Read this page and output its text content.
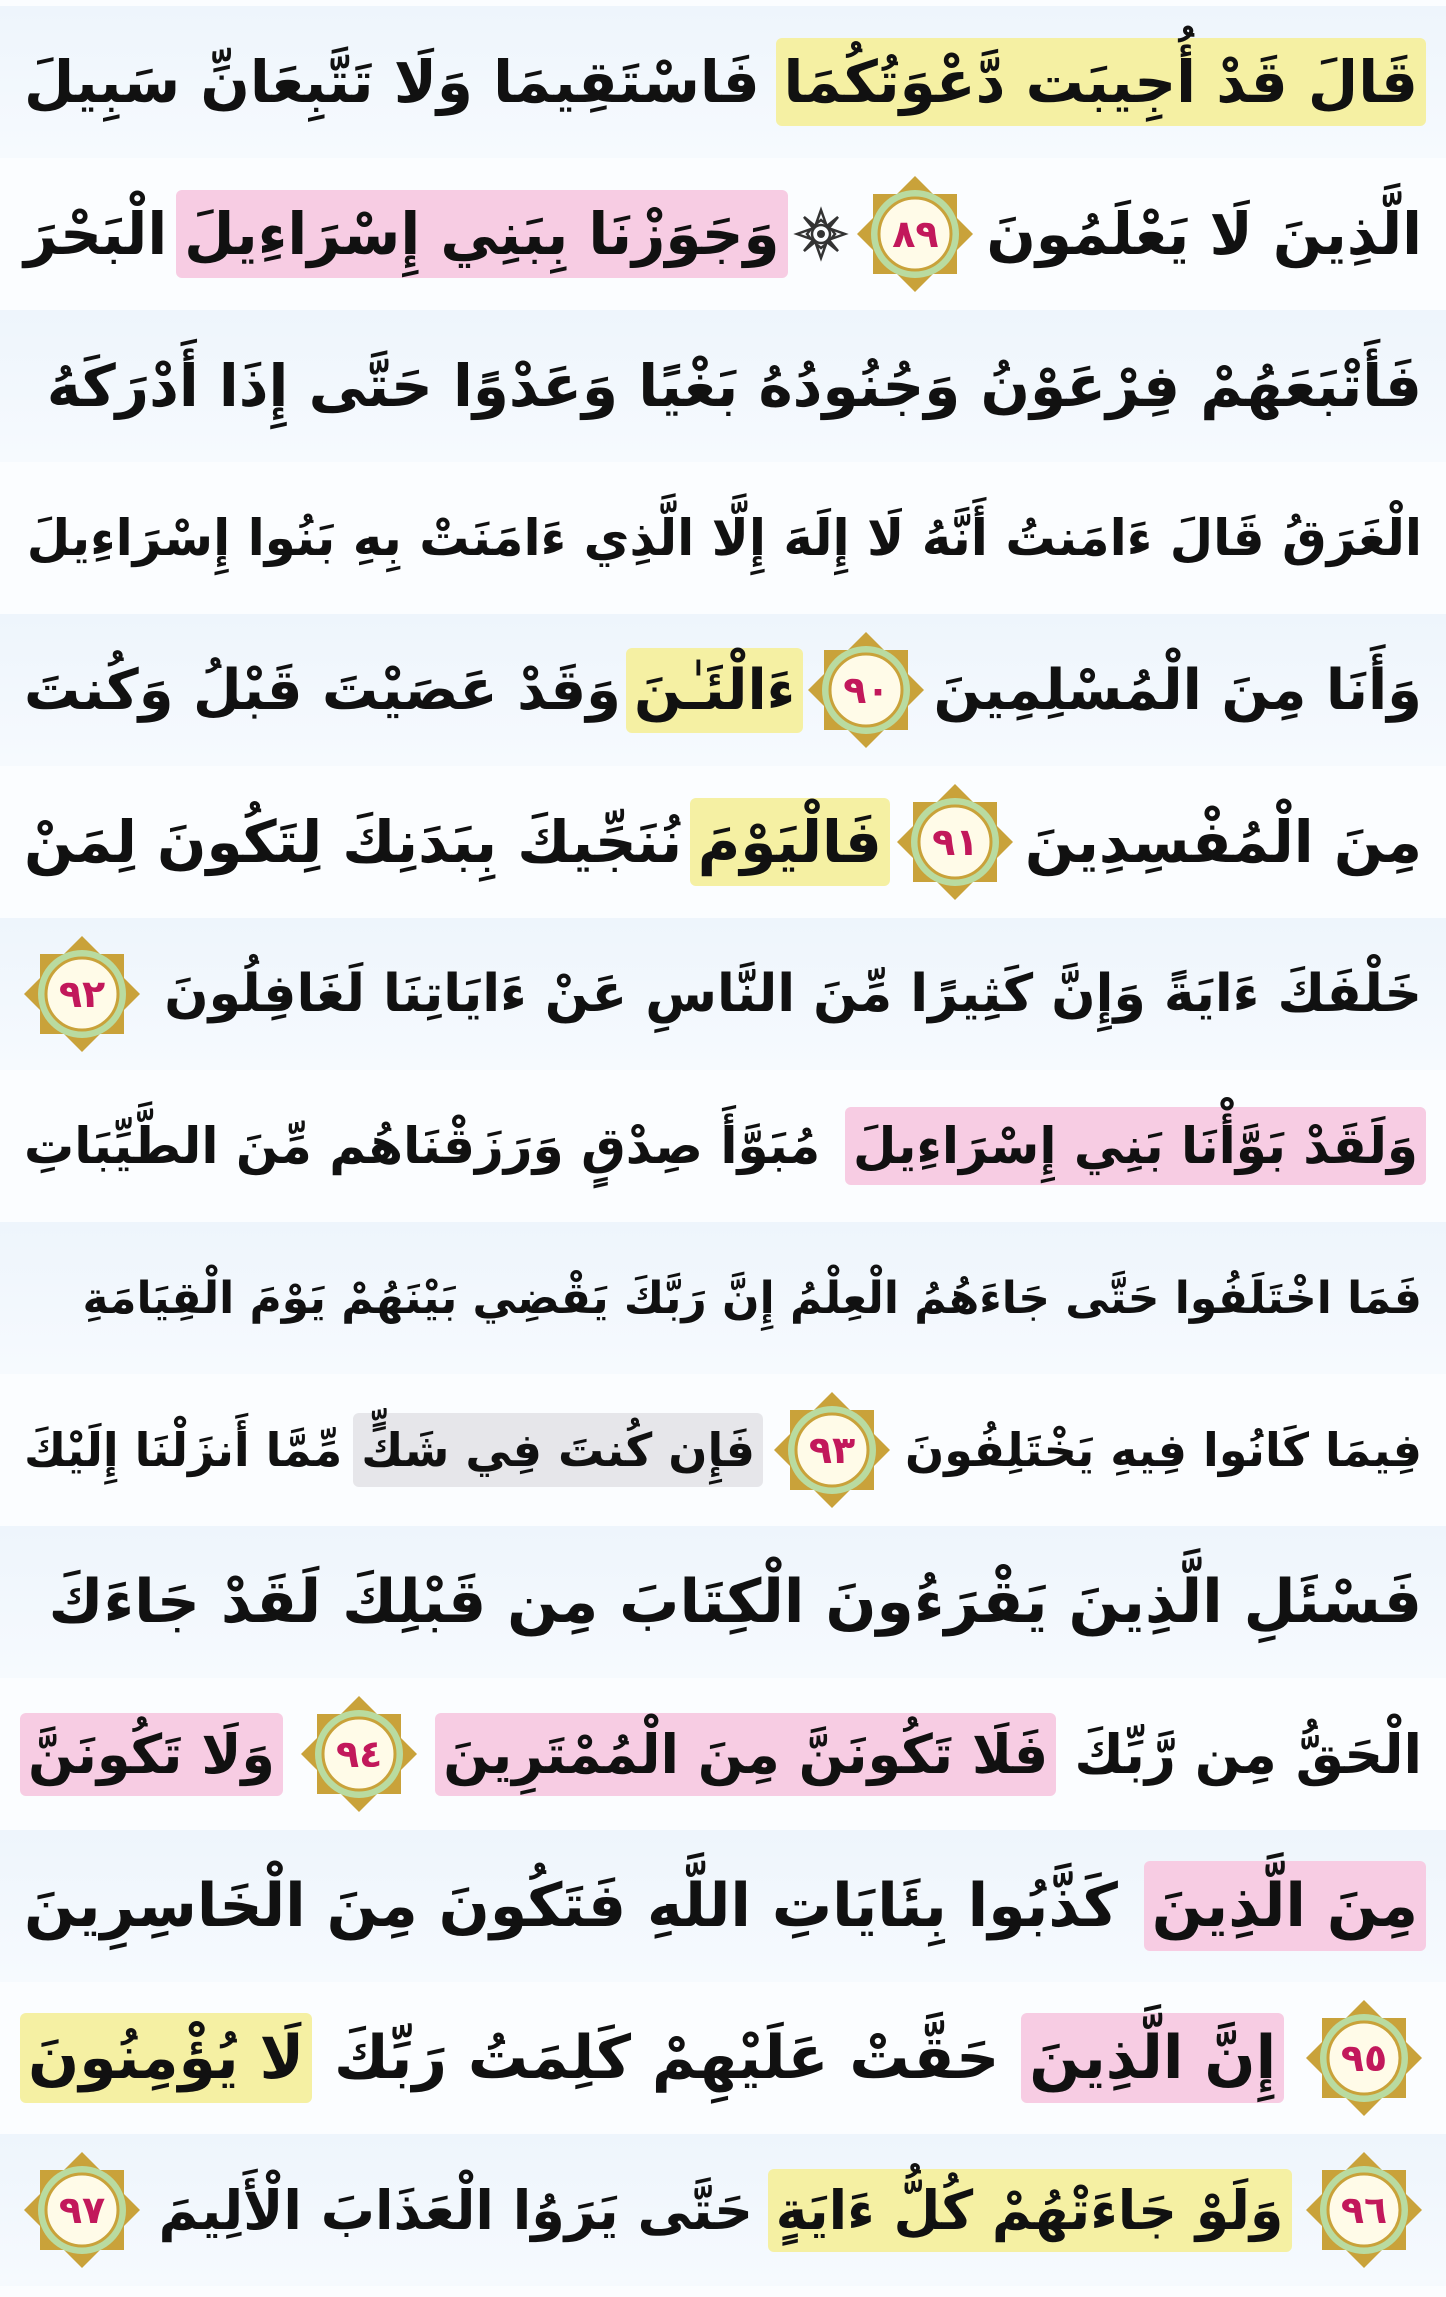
قَالَ قَدْ أُجِيبَت دَّعْوَتُكُمَا
فَاسْتَقِيمَا وَلَا تَتَّبِعَانِّ سَبِيلَ
الَّذِينَ لَا يَعْلَمُونَ
٨٩
وَجَوَزْنَا بِبَنِي إِسْرَاءِيلَ
الْبَحْرَ
فَأَتْبَعَهُمْ فِرْعَوْنُ وَجُنُودُهُ بَغْيًا وَعَدْوًا حَتَّى إِذَا أَدْرَكَهُ
الْغَرَقُ قَالَ ءَامَنتُ أَنَّهُ لَا إِلَهَ إِلَّا الَّذِي ءَامَنَتْ بِهِ بَنُوا إِسْرَاءِيلَ
وَأَنَا مِنَ الْمُسْلِمِينَ
٩٠
ءَالْئَـٰنَ
وَقَدْ عَصَيْتَ قَبْلُ وَكُنتَ
مِنَ الْمُفْسِدِينَ
٩١
فَالْيَوْمَ
نُنَجِّيكَ بِبَدَنِكَ لِتَكُونَ لِمَنْ
خَلْفَكَ ءَايَةً وَإِنَّ كَثِيرًا مِّنَ النَّاسِ عَنْ ءَايَاتِنَا لَغَافِلُونَ
٩٢
وَلَقَدْ بَوَّأْنَا بَنِي إِسْرَاءِيلَ
مُبَوَّأَ صِدْقٍ وَرَزَقْنَاهُم مِّنَ الطَّيِّبَاتِ
فَمَا اخْتَلَفُوا حَتَّى جَاءَهُمُ الْعِلْمُ إِنَّ رَبَّكَ يَقْضِي بَيْنَهُمْ يَوْمَ الْقِيَامَةِ
فِيمَا كَانُوا فِيهِ يَخْتَلِفُونَ
٩٣
فَإِن كُنتَ فِي شَكٍّ
مِّمَّا أَنزَلْنَا إِلَيْكَ
فَسْئَلِ الَّذِينَ يَقْرَءُونَ الْكِتَابَ مِن قَبْلِكَ لَقَدْ جَاءَكَ
الْحَقُّ مِن رَّبِّكَ
فَلَا تَكُونَنَّ مِنَ الْمُمْتَرِينَ
٩٤
وَلَا تَكُونَنَّ
مِنَ الَّذِينَ
كَذَّبُوا بِئَايَاتِ اللَّهِ فَتَكُونَ مِنَ الْخَاسِرِينَ
٩٥
إِنَّ الَّذِينَ
حَقَّتْ عَلَيْهِمْ كَلِمَتُ رَبِّكَ
لَا يُؤْمِنُونَ
٩٦
وَلَوْ جَاءَتْهُمْ كُلُّ ءَايَةٍ
حَتَّى يَرَوُا الْعَذَابَ الْأَلِيمَ
٩٧
